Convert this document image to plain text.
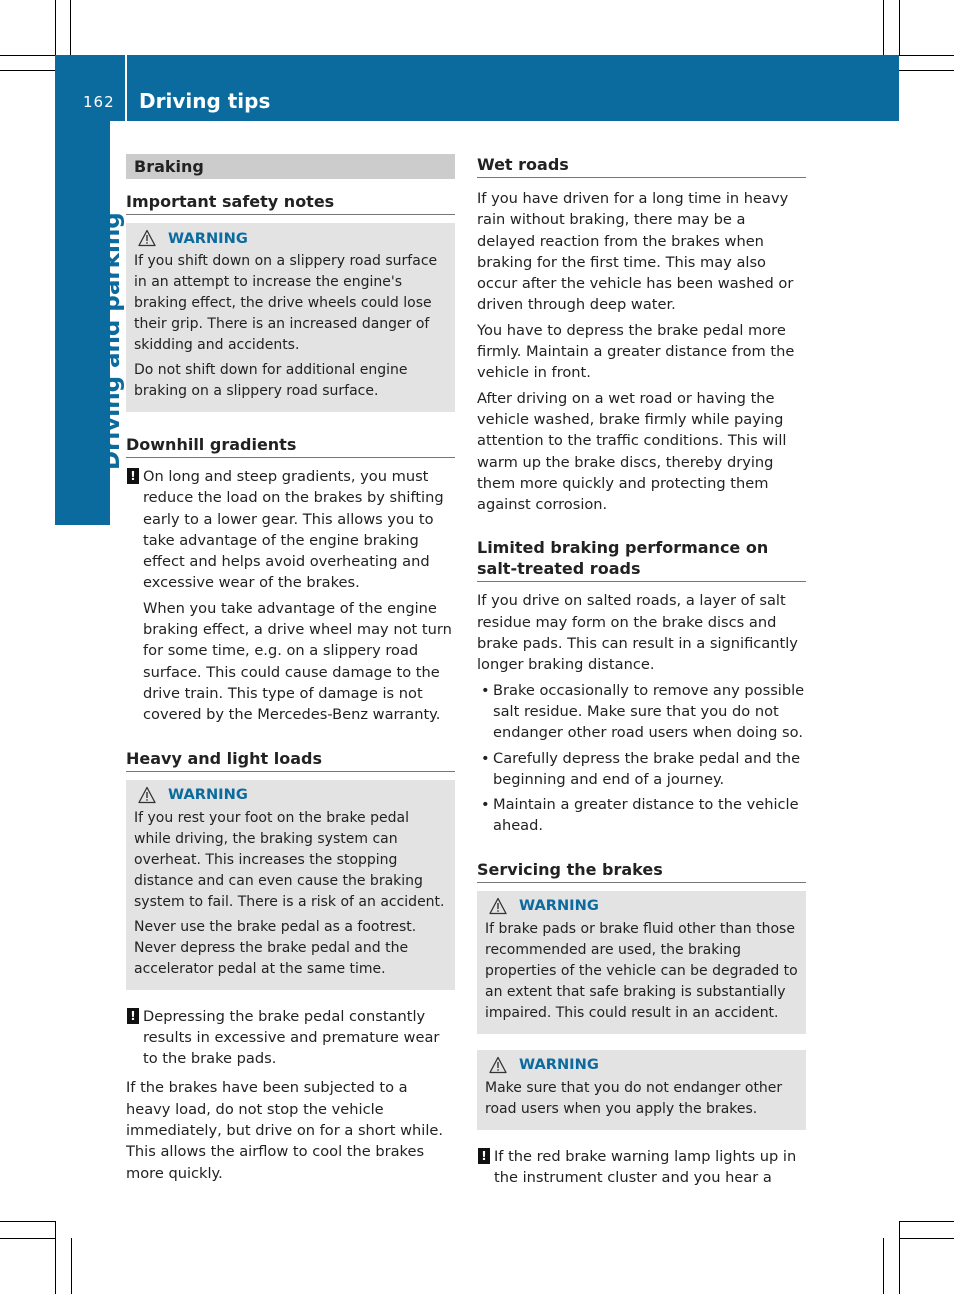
162 Driving tips
Driving and parking
Braking
Important safety notes
WARNING

If you shift down on a slippery road surface in an attempt to increase the engine's braking effect, the drive wheels could lose their grip. There is an increased danger of skidding and accidents.

Do not shift down for additional engine braking on a slippery road surface.

Downhill gradients
! On long and steep gradients, you must reduce the load on the brakes by shifting early to a lower gear. This allows you to take advantage of the engine braking effect and helps avoid overheating and excessive wear of the brakes.

When you take advantage of the engine braking effect, a drive wheel may not turn for some time, e.g. on a slippery road surface. This could cause damage to the drive train. This type of damage is not covered by the Mercedes-Benz warranty.

Heavy and light loads
WARNING

If you rest your foot on the brake pedal while driving, the braking system can overheat. This increases the stopping distance and can even cause the braking system to fail. There is a risk of an accident.

Never use the brake pedal as a footrest. Never depress the brake pedal and the accelerator pedal at the same time.

! Depressing the brake pedal constantly results in excessive and premature wear to the brake pads.

If the brakes have been subjected to a heavy load, do not stop the vehicle immediately, but drive on for a short while. This allows the airflow to cool the brakes more quickly.

Wet roads

If you have driven for a long time in heavy rain without braking, there may be a delayed reaction from the brakes when braking for the first time. This may also occur after the vehicle has been washed or driven through deep water.

You have to depress the brake pedal more firmly. Maintain a greater distance from the vehicle in front.

After driving on a wet road or having the vehicle washed, brake firmly while paying attention to the traffic conditions. This will warm up the brake discs, thereby drying them more quickly and protecting them against corrosion.

Limited braking performance on salt-treated roads

If you drive on salted roads, a layer of salt residue may form on the brake discs and brake pads. This can result in a significantly longer braking distance.

• Brake occasionally to remove any possible salt residue. Make sure that you do not endanger other road users when doing so.
• Carefully depress the brake pedal and the beginning and end of a journey.
• Maintain a greater distance to the vehicle ahead.
Servicing the brakes
WARNING

If brake pads or brake fluid other than those recommended are used, the braking properties of the vehicle can be degraded to an extent that safe braking is substantially impaired. This could result in an accident.

WARNING

Make sure that you do not endanger other road users when you apply the brakes.

! If the red brake warning lamp lights up in the instrument cluster and you hear a
